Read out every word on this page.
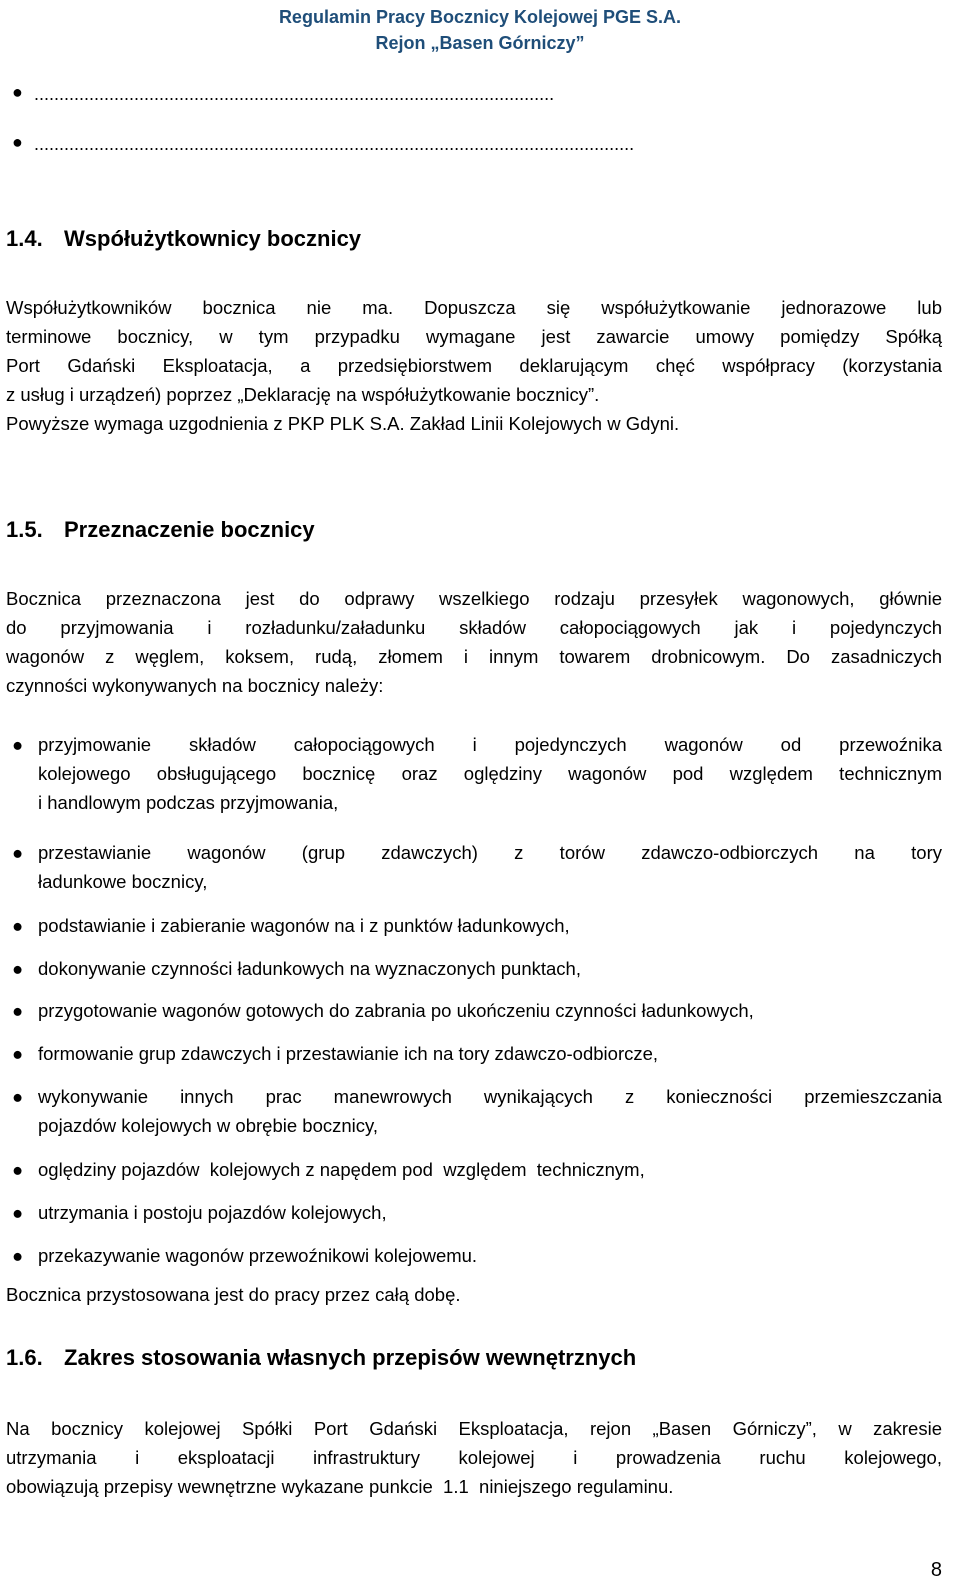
Regulamin Pracy Bocznicy Kolejowej PGE S.A.
Rejon „Basen Górniczy”
● ........................................................................................................
● ........................................................................................................................
1.4. Współużytkownicy bocznicy
Współużytkowników bocznica nie ma. Dopuszcza się współużytkowanie jednorazowe lub
terminowe bocznicy, w tym przypadku wymagane jest zawarcie umowy pomiędzy Spółką
Port Gdański Eksploatacja, a przedsiębiorstwem deklarującym chęć współpracy (korzystania
z usług i urządzeń) poprzez „Deklarację na współużytkowanie bocznicy”.
Powyższe wymaga uzgodnienia z PKP PLK S.A. Zakład Linii Kolejowych w Gdyni.
1.5. Przeznaczenie bocznicy
Bocznica przeznaczona jest do odprawy wszelkiego rodzaju przesyłek wagonowych, głównie
do przyjmowania i rozładunku/załadunku składów całopociągowych jak i pojedynczych
wagonów z węglem, koksem, rudą, złomem i innym towarem drobnicowym. Do zasadniczych
czynności wykonywanych na bocznicy należy:
● przyjmowanie składów całopociągowych i pojedynczych wagonów od przewoźnika
kolejowego obsługującego bocznicę oraz oględziny wagonów pod względem technicznym
i handlowym podczas przyjmowania,
● przestawianie wagonów (grup zdawczych) z torów zdawczo-odbiorczych na tory
ładunkowe bocznicy,
● podstawianie i zabieranie wagonów na i z punktów ładunkowych,
● dokonywanie czynności ładunkowych na wyznaczonych punktach,
● przygotowanie wagonów gotowych do zabrania po ukończeniu czynności ładunkowych,
● formowanie grup zdawczych i przestawianie ich na tory zdawczo-odbiorcze,
● wykonywanie innych prac manewrowych wynikających z konieczności przemieszczania
pojazdów kolejowych w obrębie bocznicy,
● oględziny pojazdów  kolejowych z napędem pod  względem  technicznym,
● utrzymania i postoju pojazdów kolejowych,
● przekazywanie wagonów przewoźnikowi kolejowemu.
Bocznica przystosowana jest do pracy przez całą dobę.
1.6. Zakres stosowania własnych przepisów wewnętrznych
Na bocznicy kolejowej Spółki Port Gdański Eksploatacja, rejon „Basen Górniczy”, w zakresie
utrzymania i eksploatacji infrastruktury kolejowej i prowadzenia ruchu kolejowego,
obowiązują przepisy wewnętrzne wykazane punkcie  1.1  niniejszego regulaminu.
8
